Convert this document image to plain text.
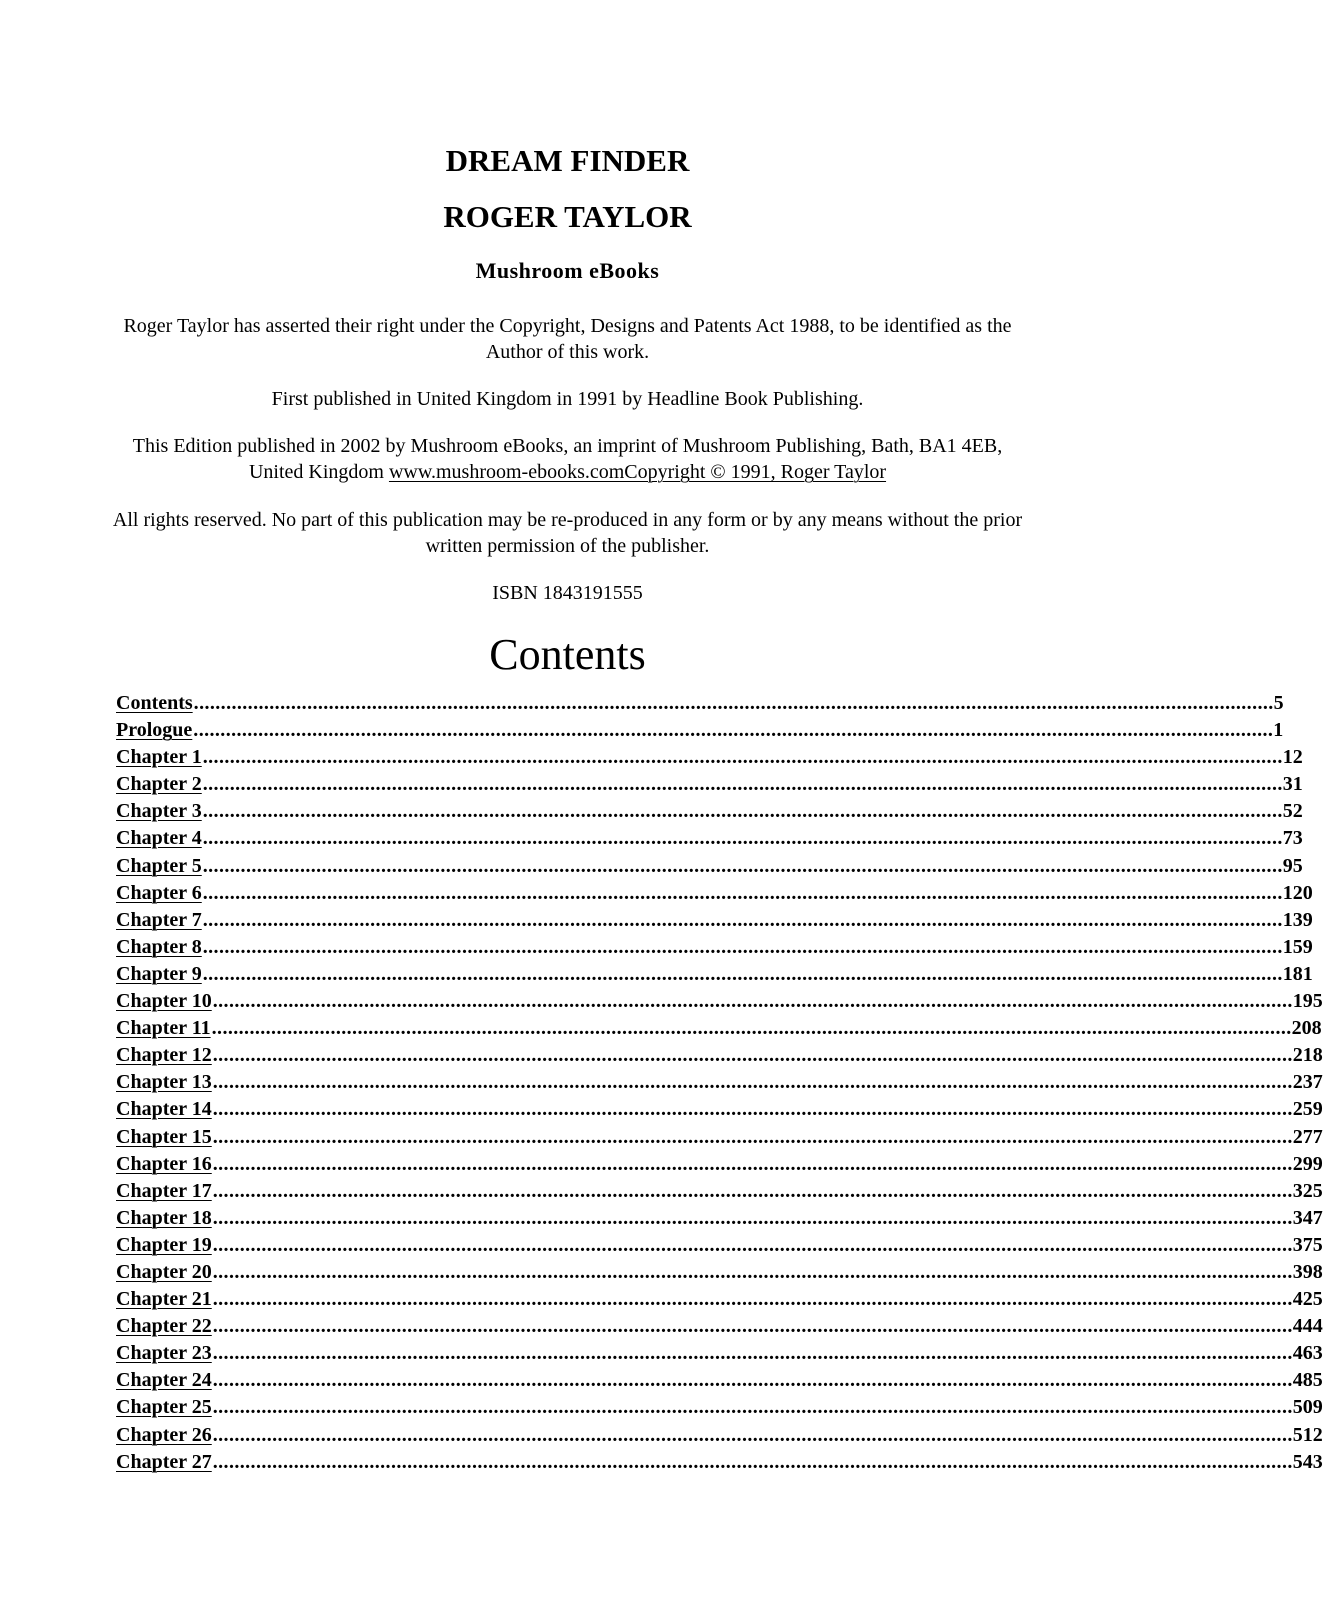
DREAM FINDER
ROGER TAYLOR
Mushroom eBooks
Roger Taylor has asserted their right under the Copyright, Designs and Patents Act 1988, to be identified as the Author of this work.
First published in United Kingdom in 1991 by Headline Book Publishing.
This Edition published in 2002 by Mushroom eBooks, an imprint of Mushroom Publishing, Bath, BA1 4EB, United Kingdom www.mushroom-ebooks.comCopyright © 1991, Roger Taylor
All rights reserved. No part of this publication may be re-produced in any form or by any means without the prior written permission of the publisher.
ISBN 1843191555
Contents
Contents ........................................................................................................................................................................................................ 5
Prologue ........................................................................................................................................................................................................ 1
Chapter 1 ........................................................................................................................................................................................................ 12
Chapter 2 ........................................................................................................................................................................................................ 31
Chapter 3 ........................................................................................................................................................................................................ 52
Chapter 4 ........................................................................................................................................................................................................ 73
Chapter 5 ........................................................................................................................................................................................................ 95
Chapter 6 ........................................................................................................................................................................................................ 120
Chapter 7 ........................................................................................................................................................................................................ 139
Chapter 8 ........................................................................................................................................................................................................ 159
Chapter 9 ........................................................................................................................................................................................................ 181
Chapter 10 ........................................................................................................................................................................................................ 195
Chapter 11 ........................................................................................................................................................................................................ 208
Chapter 12 ........................................................................................................................................................................................................ 218
Chapter 13 ........................................................................................................................................................................................................ 237
Chapter 14 ........................................................................................................................................................................................................ 259
Chapter 15 ........................................................................................................................................................................................................ 277
Chapter 16 ........................................................................................................................................................................................................ 299
Chapter 17 ........................................................................................................................................................................................................ 325
Chapter 18 ........................................................................................................................................................................................................ 347
Chapter 19 ........................................................................................................................................................................................................ 375
Chapter 20 ........................................................................................................................................................................................................ 398
Chapter 21 ........................................................................................................................................................................................................ 425
Chapter 22 ........................................................................................................................................................................................................ 444
Chapter 23 ........................................................................................................................................................................................................ 463
Chapter 24 ........................................................................................................................................................................................................ 485
Chapter 25 ........................................................................................................................................................................................................ 509
Chapter 26 ........................................................................................................................................................................................................ 512
Chapter 27 ........................................................................................................................................................................................................ 543
